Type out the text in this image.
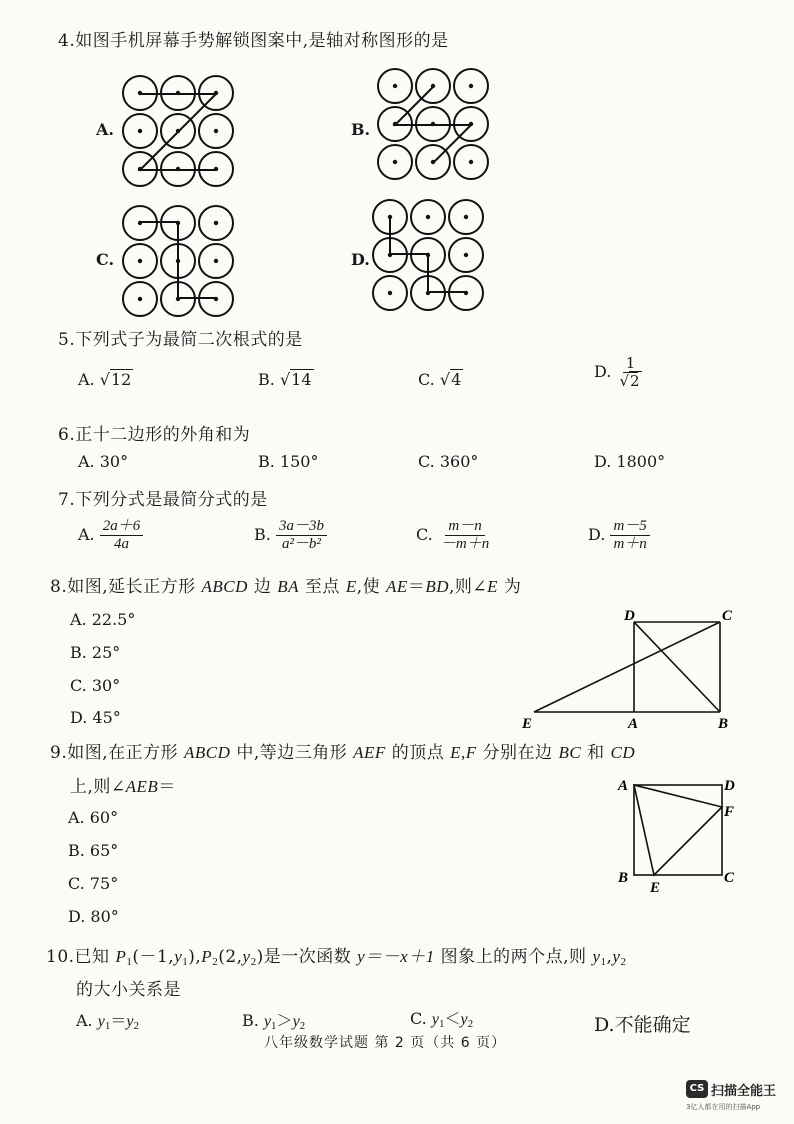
4.如图手机屏幕手势解锁图案中,是轴对称图形的是
A.	B.
C.	D.
5.下列式子为最简二次根式的是
A. √12	B. √14	C. √4	D. $\frac{1}{√2}$
6.正十二边形的外角和为
A. 30°	B. 150°	C. 360°	D. 1800°
7.下列分式是最简分式的是
A. $\frac{2a+6}{4a}$	B. $\frac{3a-3b}{\text{a²－b²}}$	C. $\frac{m-n}{-m+n}$	D. $\frac{m-5}{m+n}$
8.如图,延长正方形 ABCD 边 BA 至点 E,使 AE＝BD,则∠E 为
A. 22.5°
B. 25°
C. 30°
D. 45°
D	C
E	A	B
9.如图,在正方形 ABCD 中,等边三角形 AEF 的顶点 E,F 分别在边 BC 和 CD
上,则∠AEB＝
A. 60°
B. 65°
C. 75°
D. 80°
A	D
F
B
E
C
10.已知 $P_1(-1,y_1),P_2(2,y_2)$是一次函数 y＝－x＋1 图象上的两个点,则 $y_1,y_2$
的大小关系是
A. $y_1=y_2$	B. $y_1>y_2$	C. $y_1<y_2$	D.不能确定
八年级数学试题 第 2 页（共 6 页）
CS 扫描全能王
3亿人都在用的扫描App
